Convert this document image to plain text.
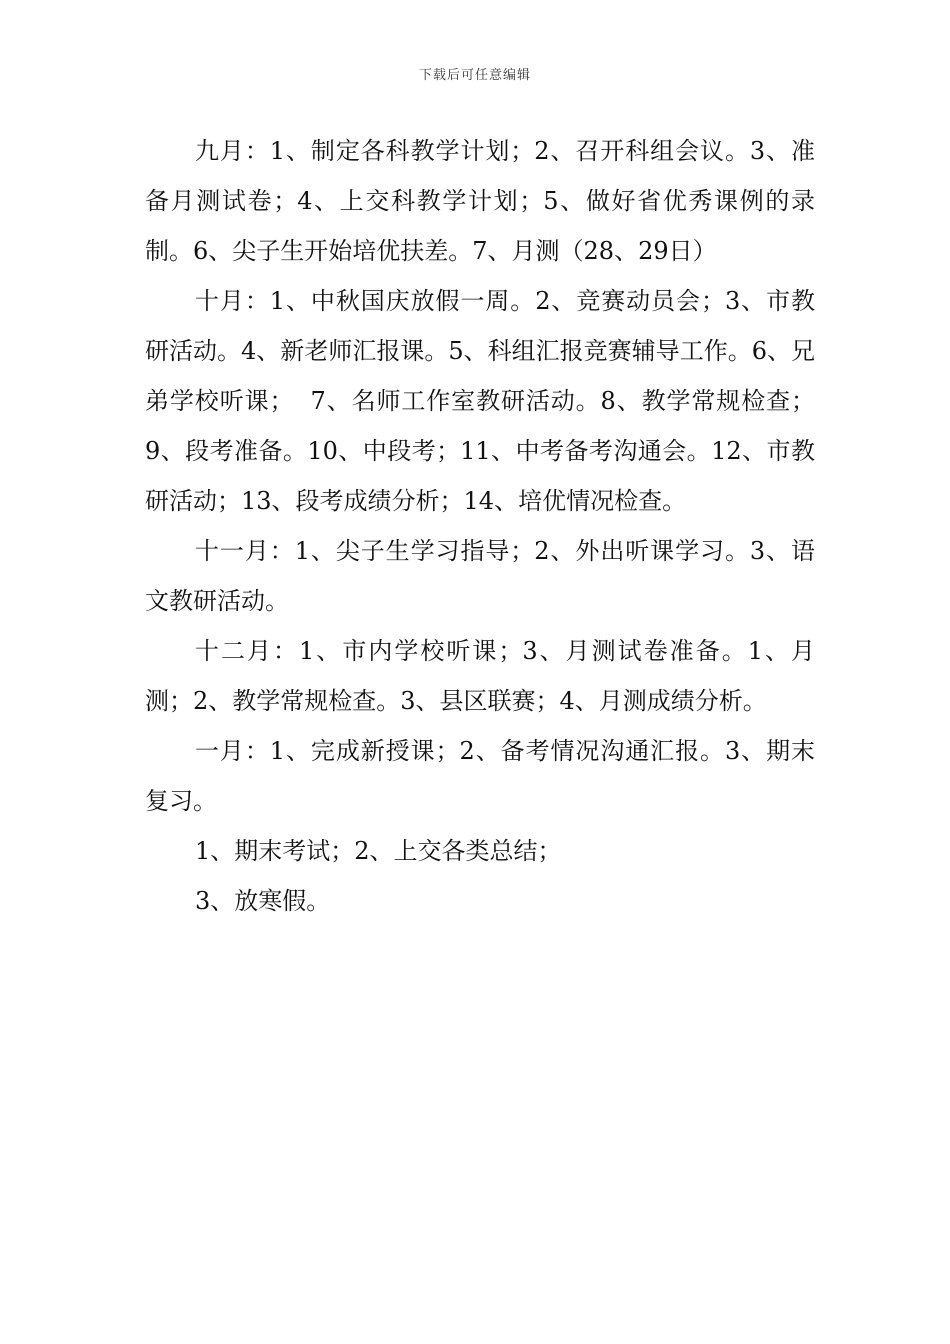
下载后可任意编辑

九月：1、制定各科教学计划；2、召开科组会议。3、准备月测试卷；4、上交科教学计划；5、做好省优秀课例的录制。6、尖子生开始培优扶差。7、月测（28、29日）

十月：1、中秋国庆放假一周。2、竞赛动员会；3、市教研活动。4、新老师汇报课。5、科组汇报竞赛辅导工作。6、兄弟学校听课；  7、名师工作室教研活动。8、教学常规检查；9、段考准备。10、中段考；11、中考备考沟通会。12、市教研活动；13、段考成绩分析；14、培优情况检查。

十一月：1、尖子生学习指导；2、外出听课学习。3、语文教研活动。

十二月：1、市内学校听课；3、月测试卷准备。1、月测；2、教学常规检查。3、县区联赛；4、月测成绩分析。

一月：1、完成新授课；2、备考情况沟通汇报。3、期末复习。

1、期末考试；2、上交各类总结；

3、放寒假。
